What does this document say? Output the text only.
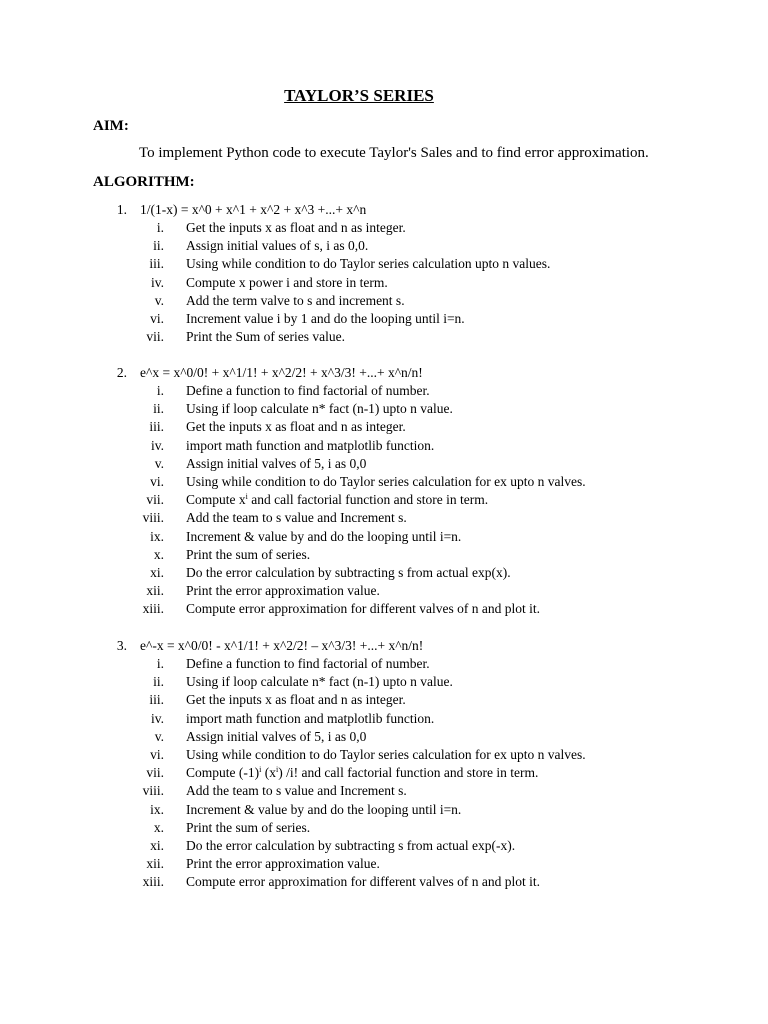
TAYLOR’S SERIES
AIM:
To implement Python code to execute Taylor's Sales and to find error approximation.
ALGORITHM:
1. 1/(1-x) = x^0 + x^1 + x^2 + x^3 +...+ x^n
i. Get the inputs x as float and n as integer.
ii. Assign initial values of s, i as 0,0.
iii. Using while condition to do Taylor series calculation upto n values.
iv. Compute x power i and store in term.
v. Add the term valve to s and increment s.
vi. Increment value i by 1 and do the looping until i=n.
vii. Print the Sum of series value.
2. e^x = x^0/0! + x^1/1! + x^2/2! + x^3/3! +...+ x^n/n!
i. Define a function to find factorial of number.
ii. Using if loop calculate n* fact (n-1) upto n value.
iii. Get the inputs x as float and n as integer.
iv. import math function and matplotlib function.
v. Assign initial valves of 5, i as 0,0
vi. Using while condition to do Taylor series calculation for ex upto n valves.
vii. Compute $x^i$ and call factorial function and store in term.
viii. Add the team to s value and Increment s.
ix. Increment & value by and do the looping until i=n.
x. Print the sum of series.
xi. Do the error calculation by subtracting s from actual exp(x).
xii. Print the error approximation value.
xiii. Compute error approximation for different valves of n and plot it.
3. e^-x = x^0/0! - x^1/1! + x^2/2! – x^3/3! +...+ x^n/n!
i. Define a function to find factorial of number.
ii. Using if loop calculate n* fact (n-1) upto n value.
iii. Get the inputs x as float and n as integer.
iv. import math function and matplotlib function.
v. Assign initial valves of 5, i as 0,0
vi. Using while condition to do Taylor series calculation for ex upto n valves.
vii. Compute $(-1)^i$ $(x^i)$ /i! and call factorial function and store in term.
viii. Add the team to s value and Increment s.
ix. Increment & value by and do the looping until i=n.
x. Print the sum of series.
xi. Do the error calculation by subtracting s from actual exp(-x).
xii. Print the error approximation value.
xiii. Compute error approximation for different valves of n and plot it.
